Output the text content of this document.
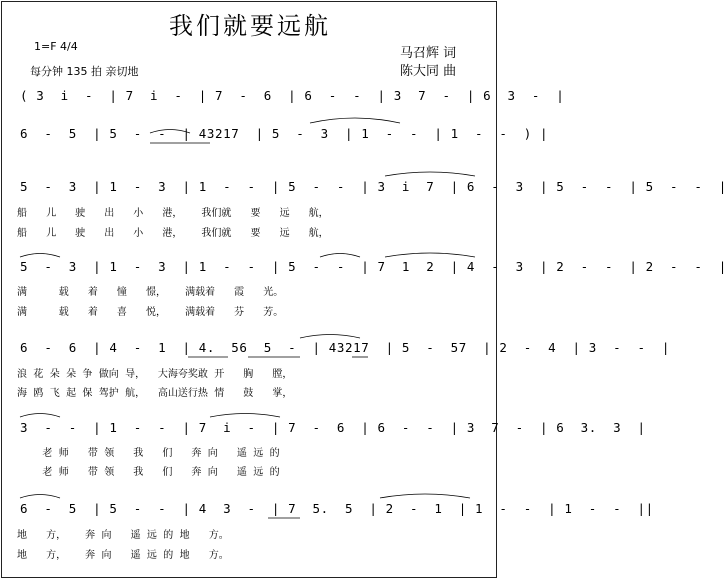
我们就要远航
1=F 4/4
每分钟 135 拍 亲切地
马召辉 词
陈大同 曲
( 3  i  -  | 7  i  -  | 7  -  6  | 6  -  -  | 3  7  -  | 6  3  -  |
6  -  5  | 5  -  -  | 43217  | 5  -  3  | 1  -  -  | 1  -  -  ) |
5  -  3  | 1  -  3  | 1  -  -  | 5  -  -  | 3  i  7  | 6  -  3  | 5  -  -  | 5  -  -  |
船      儿      驶      出      小      港，      我们就      要      远      航，
船      儿      驶      出      小      港，      我们就      要      远      航，
5  -  3  | 1  -  3  | 1  -  -  | 5  -  -  | 7  1  2  | 4  -  3  | 2  -  -  | 2  -  -  |
满          载      着      憧      憬，      满载着      霞      光。
满          载      着      喜      悦，      满载着      芬      芳。
6  -  6  | 4  -  1  | 4.  56  5  -  | 43217  | 5  -  57  | 2  -  4  | 3  -  -  |
浪  花  朵  朵  争  做向  导，    大海夸奖敢  开      胸      膛，
海  鸥  飞  起  保  驾护  航，    高山送行热  情      鼓      掌，
3  -  -  | 1  -  -  | 7  i  -  | 7  -  6  | 6  -  -  | 3  7  -  | 6  3.  3  |
老  师      带  领      我      们      奔  向      遥  远  的
老  师      带  领      我      们      奔  向      遥  远  的
6  -  5  | 5  -  -  | 4  3  -  | 7  5.  5  | 2  -  1  | 1  -  -  | 1  -  -  ||
地      方，      奔  向      遥  远  的  地      方。
地      方，      奔  向      遥  远  的  地      方。
